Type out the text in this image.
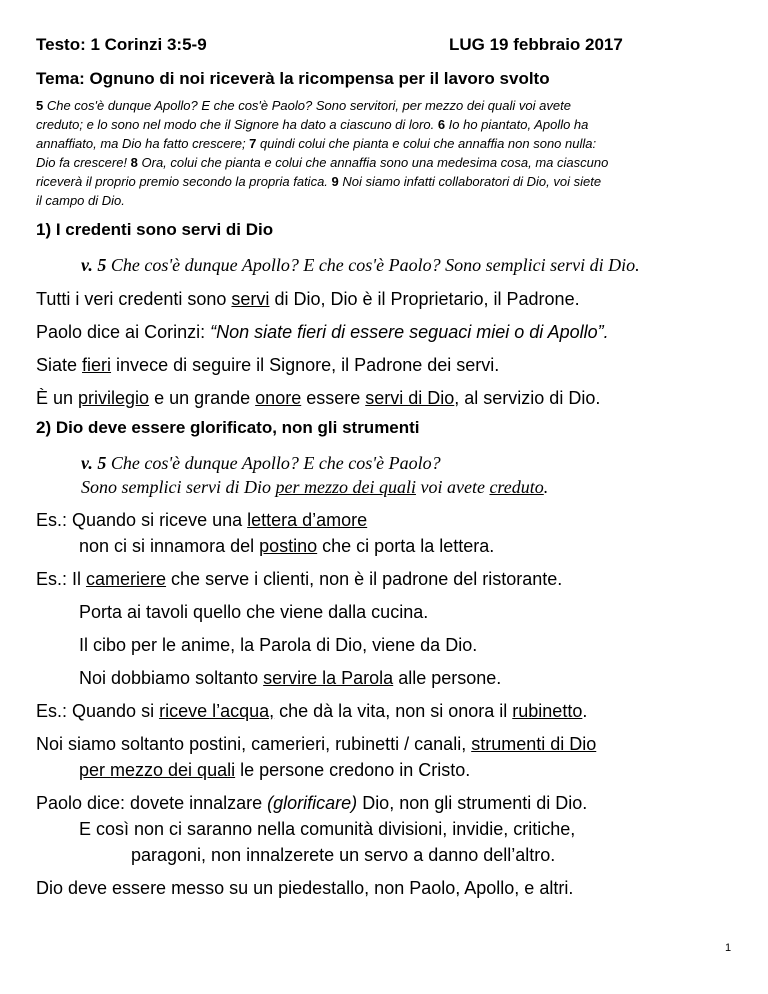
Testo: 1 Corinzi 3:5-9	LUG 19 febbraio 2017
Tema: Ognuno di noi riceverà la ricompensa per il lavoro svolto
5 Che cos'è dunque Apollo? E che cos'è Paolo? Sono servitori, per mezzo dei quali voi avete
creduto; e lo sono nel modo che il Signore ha dato a ciascuno di loro. 6 Io ho piantato, Apollo ha
annaffiato, ma Dio ha fatto crescere; 7 quindi colui che pianta e colui che annaffia non sono nulla:
Dio fa crescere! 8 Ora, colui che pianta e colui che annaffia sono una medesima cosa, ma ciascuno
riceverà il proprio premio secondo la propria fatica. 9 Noi siamo infatti collaboratori di Dio, voi siete
il campo di Dio.
1) I credenti sono servi di Dio
v. 5 Che cos'è dunque Apollo? E che cos'è Paolo? Sono semplici servi di Dio.
Tutti i veri credenti sono servi di Dio, Dio è il Proprietario, il Padrone.
Paolo dice ai Corinzi: “Non siate fieri di essere seguaci miei o di Apollo”.
Siate fieri invece di seguire il Signore, il Padrone dei servi.
È un privilegio e un grande onore essere servi di Dio, al servizio di Dio.
2) Dio deve essere glorificato, non gli strumenti
v. 5 Che cos'è dunque Apollo? E che cos'è Paolo?
Sono semplici servi di Dio per mezzo dei quali voi avete creduto.
Es.: Quando si riceve una lettera d’amore
non ci si innamora del postino che ci porta la lettera.
Es.: Il cameriere che serve i clienti, non è il padrone del ristorante.
Porta ai tavoli quello che viene dalla cucina.
Il cibo per le anime, la Parola di Dio, viene da Dio.
Noi dobbiamo soltanto servire la Parola alle persone.
Es.: Quando si riceve l’acqua, che dà la vita, non si onora il rubinetto.
Noi siamo soltanto postini, camerieri, rubinetti / canali, strumenti di Dio
per mezzo dei quali le persone credono in Cristo.
Paolo dice: dovete innalzare (glorificare) Dio, non gli strumenti di Dio.
E così non ci saranno nella comunità divisioni, invidie, critiche,
paragoni, non innalzerete un servo a danno dell’altro.
Dio deve essere messo su un piedestallo, non Paolo, Apollo, e altri.
1
